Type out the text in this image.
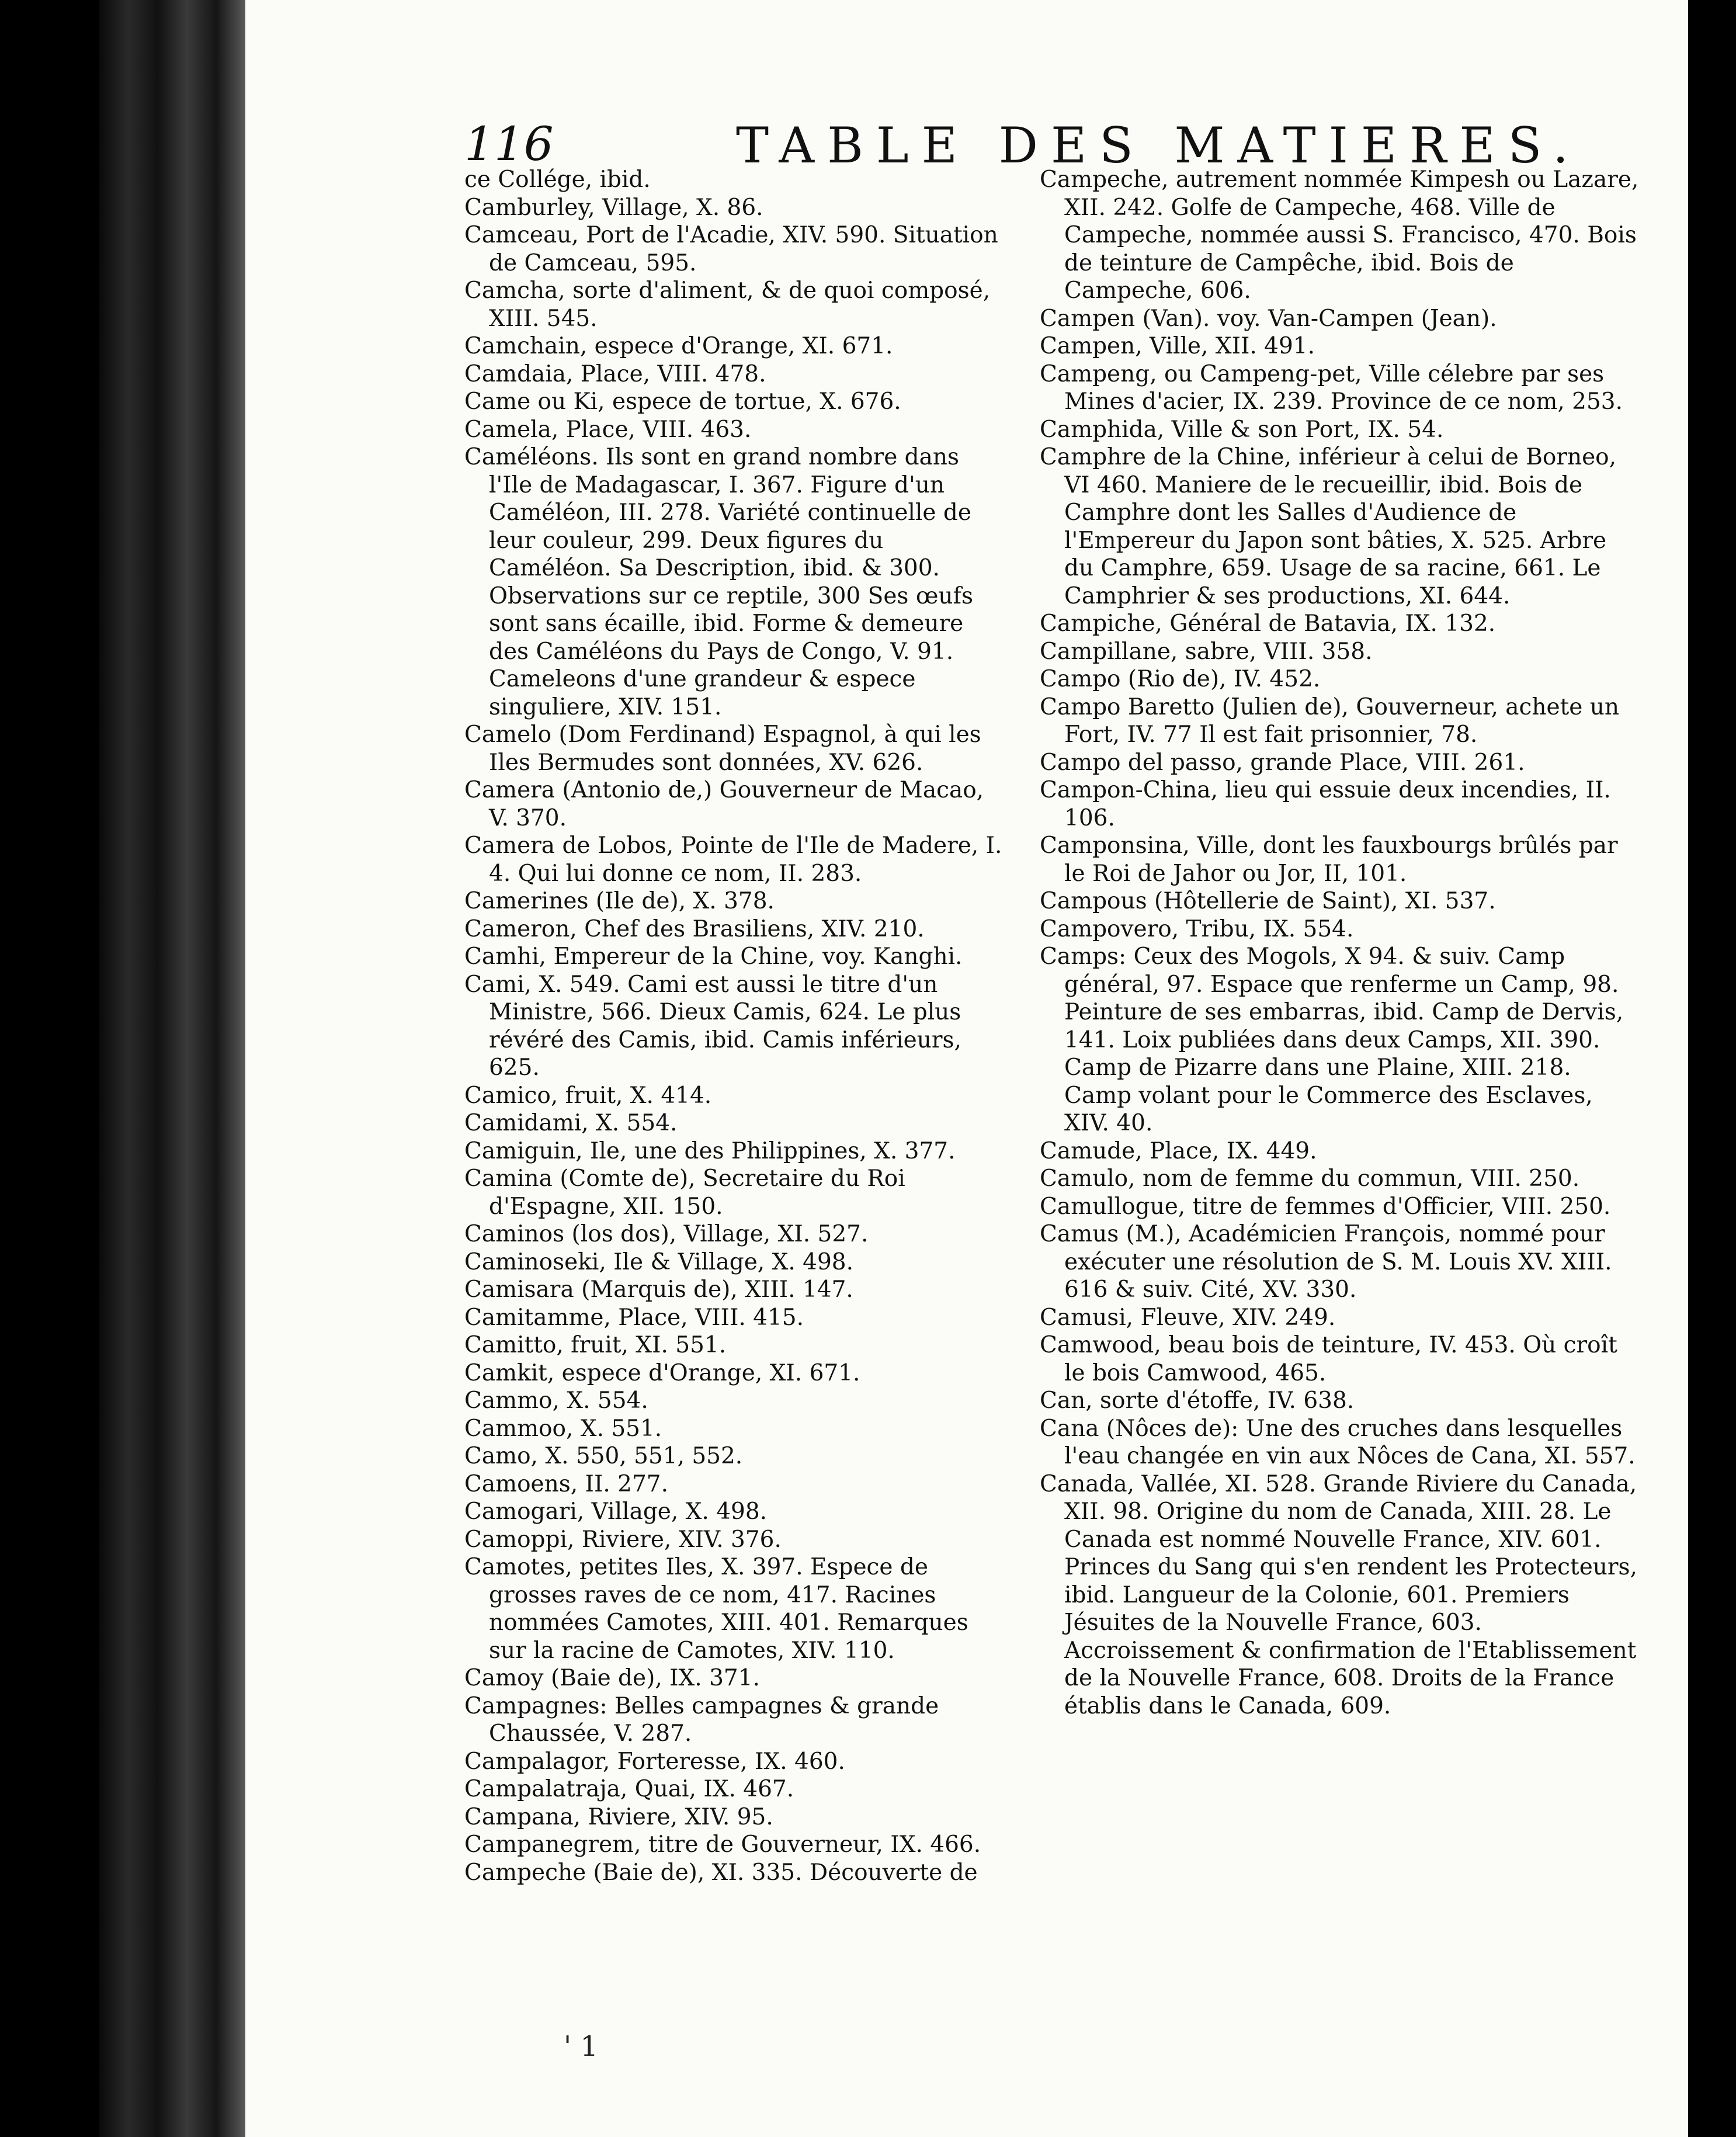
116	TABLE DES MATIERES.
ce Collége, ibid.
Camburley, Village, X. 86.
Camceau, Port de l'Acadie, XIV. 590. Situation de Camceau, 595.
Camcha, sorte d'aliment, & de quoi composé, XIII. 545.
Camchain, espece d'Orange, XI. 671.
Camdaia, Place, VIII. 478.
Came ou Ki, espece de tortue, X. 676.
Camela, Place, VIII. 463.
Caméléons. Ils sont en grand nombre dans l'Ile de Madagascar, I. 367. Figure d'un Caméléon, III. 278. Variété continuelle de leur couleur, 299. Deux figures du Caméléon. Sa Description, ibid. & 300. Observations sur ce reptile, 300 Ses œufs sont sans écaille, ibid. Forme & demeure des Caméléons du Pays de Congo, V. 91. Cameleons d'une grandeur & espece singuliere, XIV. 151.
Camelo (Dom Ferdinand) Espagnol, à qui les Iles Bermudes sont données, XV. 626.
Camera (Antonio de,) Gouverneur de Macao, V. 370.
Camera de Lobos, Pointe de l'Ile de Madere, I. 4. Qui lui donne ce nom, II. 283.
Camerines (Ile de), X. 378.
Cameron, Chef des Brasiliens, XIV. 210.
Camhi, Empereur de la Chine, voy. Kanghi.
Cami, X. 549. Cami est aussi le titre d'un Ministre, 566. Dieux Camis, 624. Le plus révéré des Camis, ibid. Camis inférieurs, 625.
Camico, fruit, X. 414.
Camidami, X. 554.
Camiguin, Ile, une des Philippines, X. 377.
Camina (Comte de), Secretaire du Roi d'Espagne, XII. 150.
Caminos (los dos), Village, XI. 527.
Caminoseki, Ile & Village, X. 498.
Camisara (Marquis de), XIII. 147.
Camitamme, Place, VIII. 415.
Camitto, fruit, XI. 551.
Camkit, espece d'Orange, XI. 671.
Cammo, X. 554.
Cammoo, X. 551.
Camo, X. 550, 551, 552.
Camoens, II. 277.
Camogari, Village, X. 498.
Camoppi, Riviere, XIV. 376.
Camotes, petites Iles, X. 397. Espece de grosses raves de ce nom, 417. Racines nommées Camotes, XIII. 401. Remarques sur la racine de Camotes, XIV. 110.
Camoy (Baie de), IX. 371.
Campagnes: Belles campagnes & grande Chaussée, V. 287.
Campalagor, Forteresse, IX. 460.
Campalatraja, Quai, IX. 467.
Campana, Riviere, XIV. 95.
Campanegrem, titre de Gouverneur, IX. 466.
Campeche (Baie de), XI. 335. Découverte de
Campeche, autrement nommée Kimpesh ou Lazare, XII. 242. Golfe de Campeche, 468. Ville de Campeche, nommée aussi S. Francisco, 470. Bois de teinture de Campêche, ibid. Bois de Campeche, 606.
Campen (Van). voy. Van-Campen (Jean).
Campen, Ville, XII. 491.
Campeng, ou Campeng-pet, Ville célebre par ses Mines d'acier, IX. 239. Province de ce nom, 253.
Camphida, Ville & son Port, IX. 54.
Camphre de la Chine, inférieur à celui de Borneo, VI 460. Maniere de le recueillir, ibid. Bois de Camphre dont les Salles d'Audience de l'Empereur du Japon sont bâties, X. 525. Arbre du Camphre, 659. Usage de sa racine, 661. Le Camphrier & ses productions, XI. 644.
Campiche, Général de Batavia, IX. 132.
Campillane, sabre, VIII. 358.
Campo (Rio de), IV. 452.
Campo Baretto (Julien de), Gouverneur, achete un Fort, IV. 77 Il est fait prisonnier, 78.
Campo del passo, grande Place, VIII. 261.
Campon-China, lieu qui essuie deux incendies, II. 106.
Camponsina, Ville, dont les fauxbourgs brûlés par le Roi de Jahor ou Jor, II, 101.
Campous (Hôtellerie de Saint), XI. 537.
Campovero, Tribu, IX. 554.
Camps: Ceux des Mogols, X 94. & suiv. Camp général, 97. Espace que renferme un Camp, 98. Peinture de ses embarras, ibid. Camp de Dervis, 141. Loix publiées dans deux Camps, XII. 390. Camp de Pizarre dans une Plaine, XIII. 218. Camp volant pour le Commerce des Esclaves, XIV. 40.
Camude, Place, IX. 449.
Camulo, nom de femme du commun, VIII. 250.
Camullogue, titre de femmes d'Officier, VIII. 250.
Camus (M.), Académicien François, nommé pour exécuter une résolution de S. M. Louis XV. XIII. 616 & suiv. Cité, XV. 330.
Camusi, Fleuve, XIV. 249.
Camwood, beau bois de teinture, IV. 453. Où croît le bois Camwood, 465.
Can, sorte d'étoffe, IV. 638.
Cana (Nôces de): Une des cruches dans lesquelles l'eau changée en vin aux Nôces de Cana, XI. 557.
Canada, Vallée, XI. 528. Grande Riviere du Canada, XII. 98. Origine du nom de Canada, XIII. 28. Le Canada est nommé Nouvelle France, XIV. 601. Princes du Sang qui s'en rendent les Protecteurs, ibid. Langueur de la Colonie, 601. Premiers Jésuites de la Nouvelle France, 603. Accroissement & confirmation de l'Etablissement de la Nouvelle France, 608. Droits de la France établis dans le Canada, 609.
' 1
